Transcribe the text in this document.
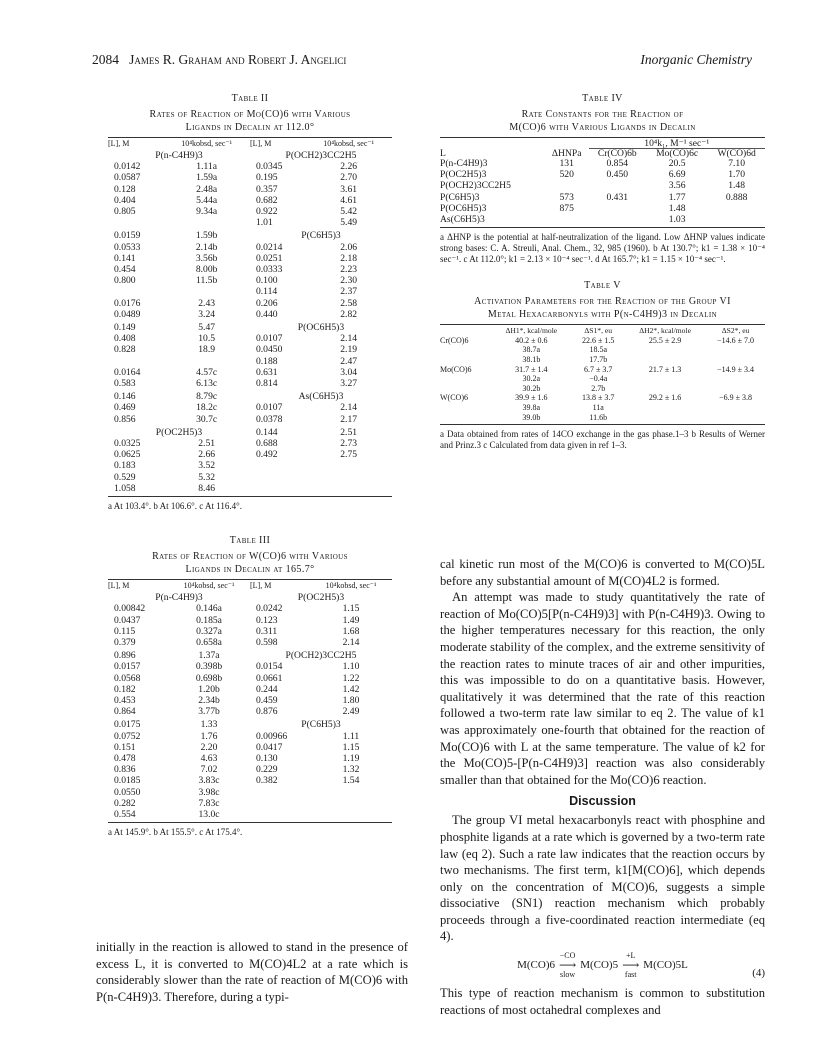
2084 James R. Graham and Robert J. Angelici	Inorganic Chemistry
Table II
Rates of Reaction of Mo(CO)6 with Various
Ligands in Decalin at 112.0°
[L], M	10⁴kobsd, sec⁻¹	[L], M	10⁴kobsd, sec⁻¹
P(n-C4H9)3		P(OCH2)3CC2H5	
0.0142	1.11a	0.0345	2.26
0.0587	1.59a	0.195	2.70
0.128	2.48a	0.357	3.61
0.404	5.44a	0.682	4.61
0.805	9.34a	0.922	5.42
		1.01	5.49
0.0159	1.59b	P(C6H5)3	
0.0533	2.14b	0.0214	2.06
0.141	3.56b	0.0251	2.18
0.454	8.00b	0.0333	2.23
0.800	11.5b	0.100	2.30
		0.114	2.37
0.0176	2.43	0.206	2.58
0.0489	3.24	0.440	2.82
0.149	5.47	P(OC6H5)3	
0.408	10.5	0.0107	2.14
0.828	18.9	0.0450	2.19
		0.188	2.47
0.0164	4.57c	0.631	3.04
0.583	6.13c	0.814	3.27
0.146	8.79c	As(C6H5)3	
0.469	18.2c	0.0107	2.14
0.856	30.7c	0.0378	2.17
P(OC2H5)3		0.144	2.51
0.0325	2.51	0.688	2.73
0.0625	2.66	0.492	2.75
0.183	3.52		
0.529	5.32		
1.058	8.46		
a At 103.4°. b At 106.6°. c At 116.4°.
Table III
Rates of Reaction of W(CO)6 with Various
Ligands in Decalin at 165.7°
[L], M	10⁴kobsd, sec⁻¹	[L], M	10⁴kobsd, sec⁻¹
P(n-C4H9)3		P(OC2H5)3	
0.00842	0.146a	0.0242	1.15
0.0437	0.185a	0.123	1.49
0.115	0.327a	0.311	1.68
0.379	0.658a	0.598	2.14
0.896	1.37a	P(OCH2)3CC2H5	
0.0157	0.398b	0.0154	1.10
0.0568	0.698b	0.0661	1.22
0.182	1.20b	0.244	1.42
0.453	2.34b	0.459	1.80
0.864	3.77b	0.876	2.49
0.0175	1.33	P(C6H5)3	
0.0752	1.76	0.00966	1.11
0.151	2.20	0.0417	1.15
0.478	4.63	0.130	1.19
0.836	7.02	0.229	1.32
0.0185	3.83c	0.382	1.54
0.0550	3.98c		
0.282	7.83c		
0.554	13.0c		
a At 145.9°. b At 155.5°. c At 175.4°.
initially in the reaction is allowed to stand in the presence of excess L, it is converted to M(CO)4L2 at a rate which is considerably slower than the rate of reaction of M(CO)6 with P(n-C4H9)3. Therefore, during a typi-
Table IV
Rate Constants for the Reaction of
M(CO)6 with Various Ligands in Decalin
		10⁴k₁, M⁻¹ sec⁻¹		
L	ΔHNPa	Cr(CO)6b	Mo(CO)6c	W(CO)6d
P(n-C4H9)3	131	0.854	20.5	7.10
P(OC2H5)3	520	0.450	6.69	1.70
P(OCH2)3CC2H5			3.56	1.48
P(C6H5)3	573	0.431	1.77	0.888
P(OC6H5)3	875		1.48	
As(C6H5)3			1.03	
a ΔHNP is the potential at half-neutralization of the ligand. Low ΔHNP values indicate strong bases: C. A. Streuli, Anal. Chem., 32, 985 (1960). b At 130.7°; k1 = 1.38 × 10⁻⁴ sec⁻¹. c At 112.0°; k1 = 2.13 × 10⁻⁴ sec⁻¹. d At 165.7°; k1 = 1.15 × 10⁻⁴ sec⁻¹.
Table V
Activation Parameters for the Reaction of the Group VI
Metal Hexacarbonyls with P(n-C4H9)3 in Decalin
	ΔH1*, kcal/mole	ΔS1*, eu	ΔH2*, kcal/mole	ΔS2*, eu
Cr(CO)6	40.2 ± 0.6	22.6 ± 1.5	25.5 ± 2.9	−14.6 ± 7.0
	38.7a	18.5a		
	38.1b	17.7b		
Mo(CO)6	31.7 ± 1.4	6.7 ± 3.7	21.7 ± 1.3	−14.9 ± 3.4
	30.2a	−0.4a		
	30.2b	2.7b		
W(CO)6	39.9 ± 1.6	13.8 ± 3.7	29.2 ± 1.6	−6.9 ± 3.8
	39.8a	11a		
	39.0b	11.6b		
a Data obtained from rates of 14CO exchange in the gas phase.1–3 b Results of Werner and Prinz.3 c Calculated from data given in ref 1–3.
cal kinetic run most of the M(CO)6 is converted to M(CO)5L before any substantial amount of M(CO)4L2 is formed.
An attempt was made to study quantitatively the rate of reaction of Mo(CO)5[P(n-C4H9)3] with P(n-C4H9)3. Owing to the higher temperatures necessary for this reaction, the only moderate stability of the complex, and the extreme sensitivity of the reaction rates to minute traces of air and other impurities, this was impossible to do on a quantitative basis. However, qualitatively it was determined that the rate of this reaction followed a two-term rate law similar to eq 2. The value of k1 was approximately one-fourth that obtained for the reaction of Mo(CO)6 with L at the same temperature. The value of k2 for the Mo(CO)5-[P(n-C4H9)3] reaction was also considerably smaller than that obtained for the Mo(CO)6 reaction.
Discussion
The group VI metal hexacarbonyls react with phosphine and phosphite ligands at a rate which is governed by a two-term rate law (eq 2). Such a rate law indicates that the reaction occurs by two mechanisms. The first term, k1[M(CO)6], which depends only on the concentration of M(CO)6, suggests a simple dissociative (SN1) reaction mechanism which probably proceeds through a five-coordinated reaction intermediate (eq 4).
M(CO)6
−CO
⟶
slow
M(CO)5
+L
⟶
fast
M(CO)5L
(4)
This type of reaction mechanism is common to substitution reactions of most octahedral complexes and
